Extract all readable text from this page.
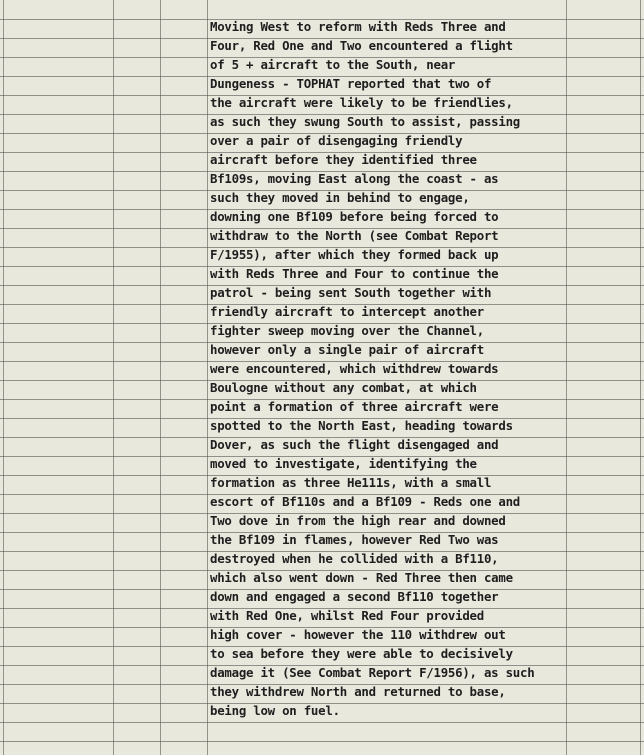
Moving West to reform with Reds Three and
Four, Red One and Two encountered a flight
of 5 + aircraft to the South, near
Dungeness - TOPHAT reported that two of
the aircraft were likely to be friendlies,
as such they swung South to assist, passing
over a pair of disengaging friendly
aircraft before they identified three
Bf109s, moving East along the coast - as
such they moved in behind to engage,
downing one Bf109 before being forced to
withdraw to the North (see Combat Report
F/1955), after which they formed back up
with Reds Three and Four to continue the
patrol - being sent South together with
friendly aircraft to intercept another
fighter sweep moving over the Channel,
however only a single pair of aircraft
were encountered, which withdrew towards
Boulogne without any combat, at which
point a formation of three aircraft were
spotted to the North East, heading towards
Dover, as such the flight disengaged and
moved to investigate, identifying the
formation as three He111s, with a small
escort of Bf110s and a Bf109 - Reds one and
Two dove in from the high rear and downed
the Bf109 in flames, however Red Two was
destroyed when he collided with a Bf110,
which also went down - Red Three then came
down and engaged a second Bf110 together
with Red One, whilst Red Four provided
high cover - however the 110 withdrew out
to sea before they were able to decisively
damage it (See Combat Report F/1956), as such
they withdrew North and returned to base,
being low on fuel.
